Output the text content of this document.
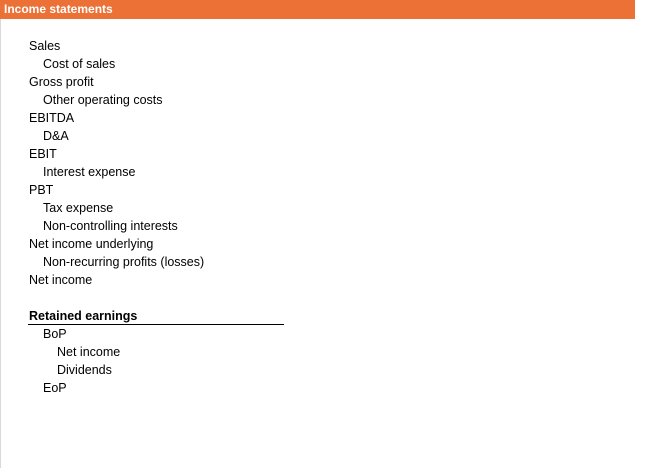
Income statements
Sales
Cost of sales
Gross profit
Other operating costs
EBITDA
D&A
EBIT
Interest expense
PBT
Tax expense
Non-controlling interests
Net income underlying
Non-recurring profits (losses)
Net income
Retained earnings
BoP
Net income
Dividends
EoP
